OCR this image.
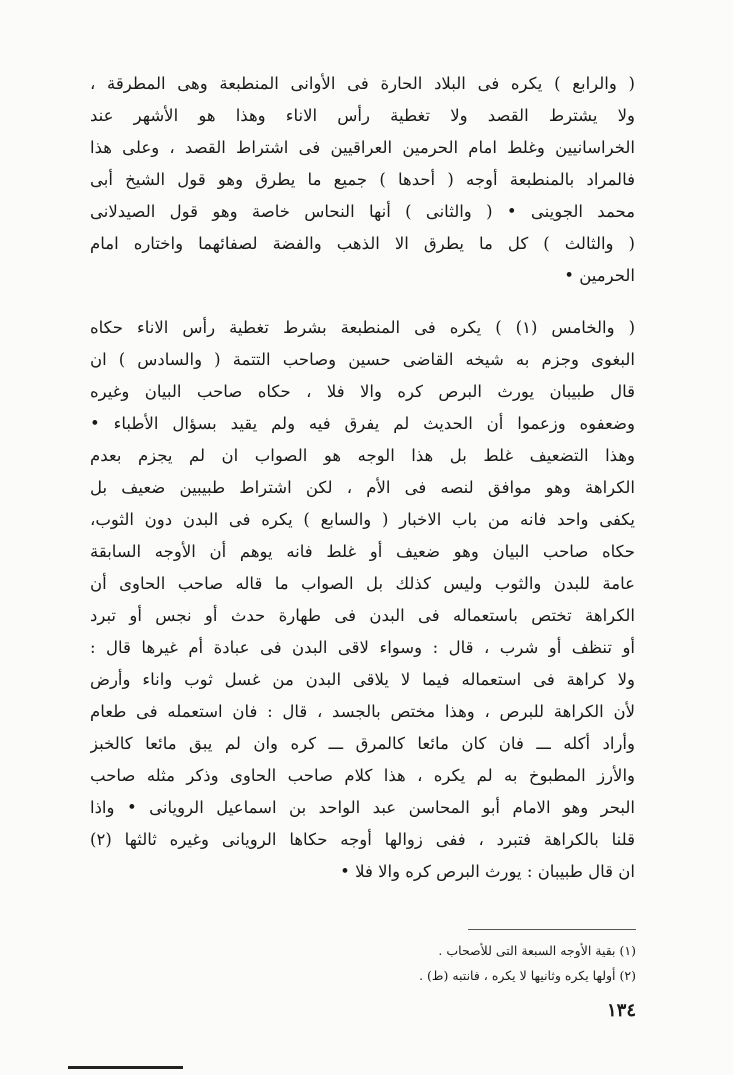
( والرابع ) يكره فى البلاد الحارة فى الأوانى المنطبعة وهى المطرقة ،
ولا يشترط القصد ولا تغطية رأس الاناء وهذا هو الأشهر عند
الخراسانيين وغلط امام الحرمين العراقيين فى اشتراط القصد ، وعلى هذا
فالمراد بالمنطبعة أوجه ( أحدها ) جميع ما يطرق وهو قول الشيخ أبى
محمد الجوينى • ( والثانى ) أنها النحاس خاصة وهو قول الصيدلانى
( والثالث ) كل ما يطرق الا الذهب والفضة لصفائهما واختاره امام
الحرمين •
( والخامس (١) ) يكره فى المنطبعة بشرط تغطية رأس الاناء حكاه
البغوى وجزم به شيخه القاضى حسين وصاحب التتمة ( والسادس ) ان
قال طبيبان يورث البرص كره والا فلا ، حكاه صاحب البيان وغيره
وضعفوه وزعموا أن الحديث لم يفرق فيه ولم يقيد بسؤال الأطباء •
وهذا التضعيف غلط بل هذا الوجه هو الصواب ان لم يجزم بعدم
الكراهة وهو موافق لنصه فى الأم ، لكن اشتراط طبيبين ضعيف بل
يكفى واحد فانه من باب الاخبار ( والسابع ) يكره فى البدن دون الثوب،
حكاه صاحب البيان وهو ضعيف أو غلط فانه يوهم أن الأوجه السابقة
عامة للبدن والثوب وليس كذلك بل الصواب ما قاله صاحب الحاوى أن
الكراهة تختص باستعماله فى البدن فى طهارة حدث أو نجس أو تبرد
أو تنظف أو شرب ، قال : وسواء لاقى البدن فى عبادة أم غيرها قال :
ولا كراهة فى استعماله فيما لا يلاقى البدن من غسل ثوب واناء وأرض
لأن الكراهة للبرص ، وهذا مختص بالجسد ، قال : فان استعمله فى طعام
وأراد أكله ـــ فان كان مائعا كالمرق ـــ كره وان لم يبق مائعا كالخبز
والأرز المطبوخ به لم يكره ، هذا كلام صاحب الحاوى وذكر مثله صاحب
البحر وهو الامام أبو المحاسن عبد الواحد بن اسماعيل الرويانى • واذا
قلنا بالكراهة فتبرد ، ففى زوالها أوجه حكاها الرويانى وغيره ثالثها (٢)
ان قال طبيبان : يورث البرص كره والا فلا •
(١) بقية الأوجه السبعة التى للأصحاب .
(٢) أولها يكره وثانيها لا يكره ، فانتبه (ط) .
١٣٤
